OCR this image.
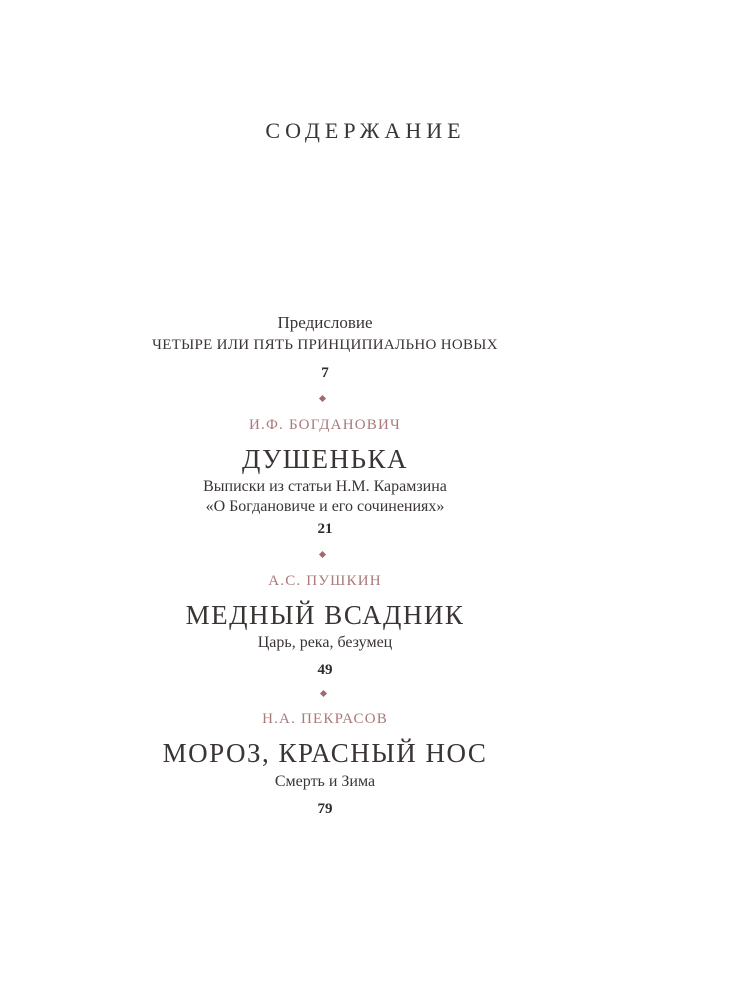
СОДЕРЖАНИЕ
Предисловие
ЧЕТЫРЕ ИЛИ ПЯТЬ ПРИНЦИПИАЛЬНО НОВЫХ
7
И.Ф. БОГДАНОВИЧ
ДУШЕНЬКА
Выписки из статьи Н.М. Карамзина
«О Богдановиче и его сочинениях»
21
А.С. ПУШКИН
МЕДНЫЙ ВСАДНИК
Царь, река, безумец
49
Н.А. ПЕКРАСОВ
МОРОЗ, КРАСНЫЙ НОС
Смерть и Зима
79
